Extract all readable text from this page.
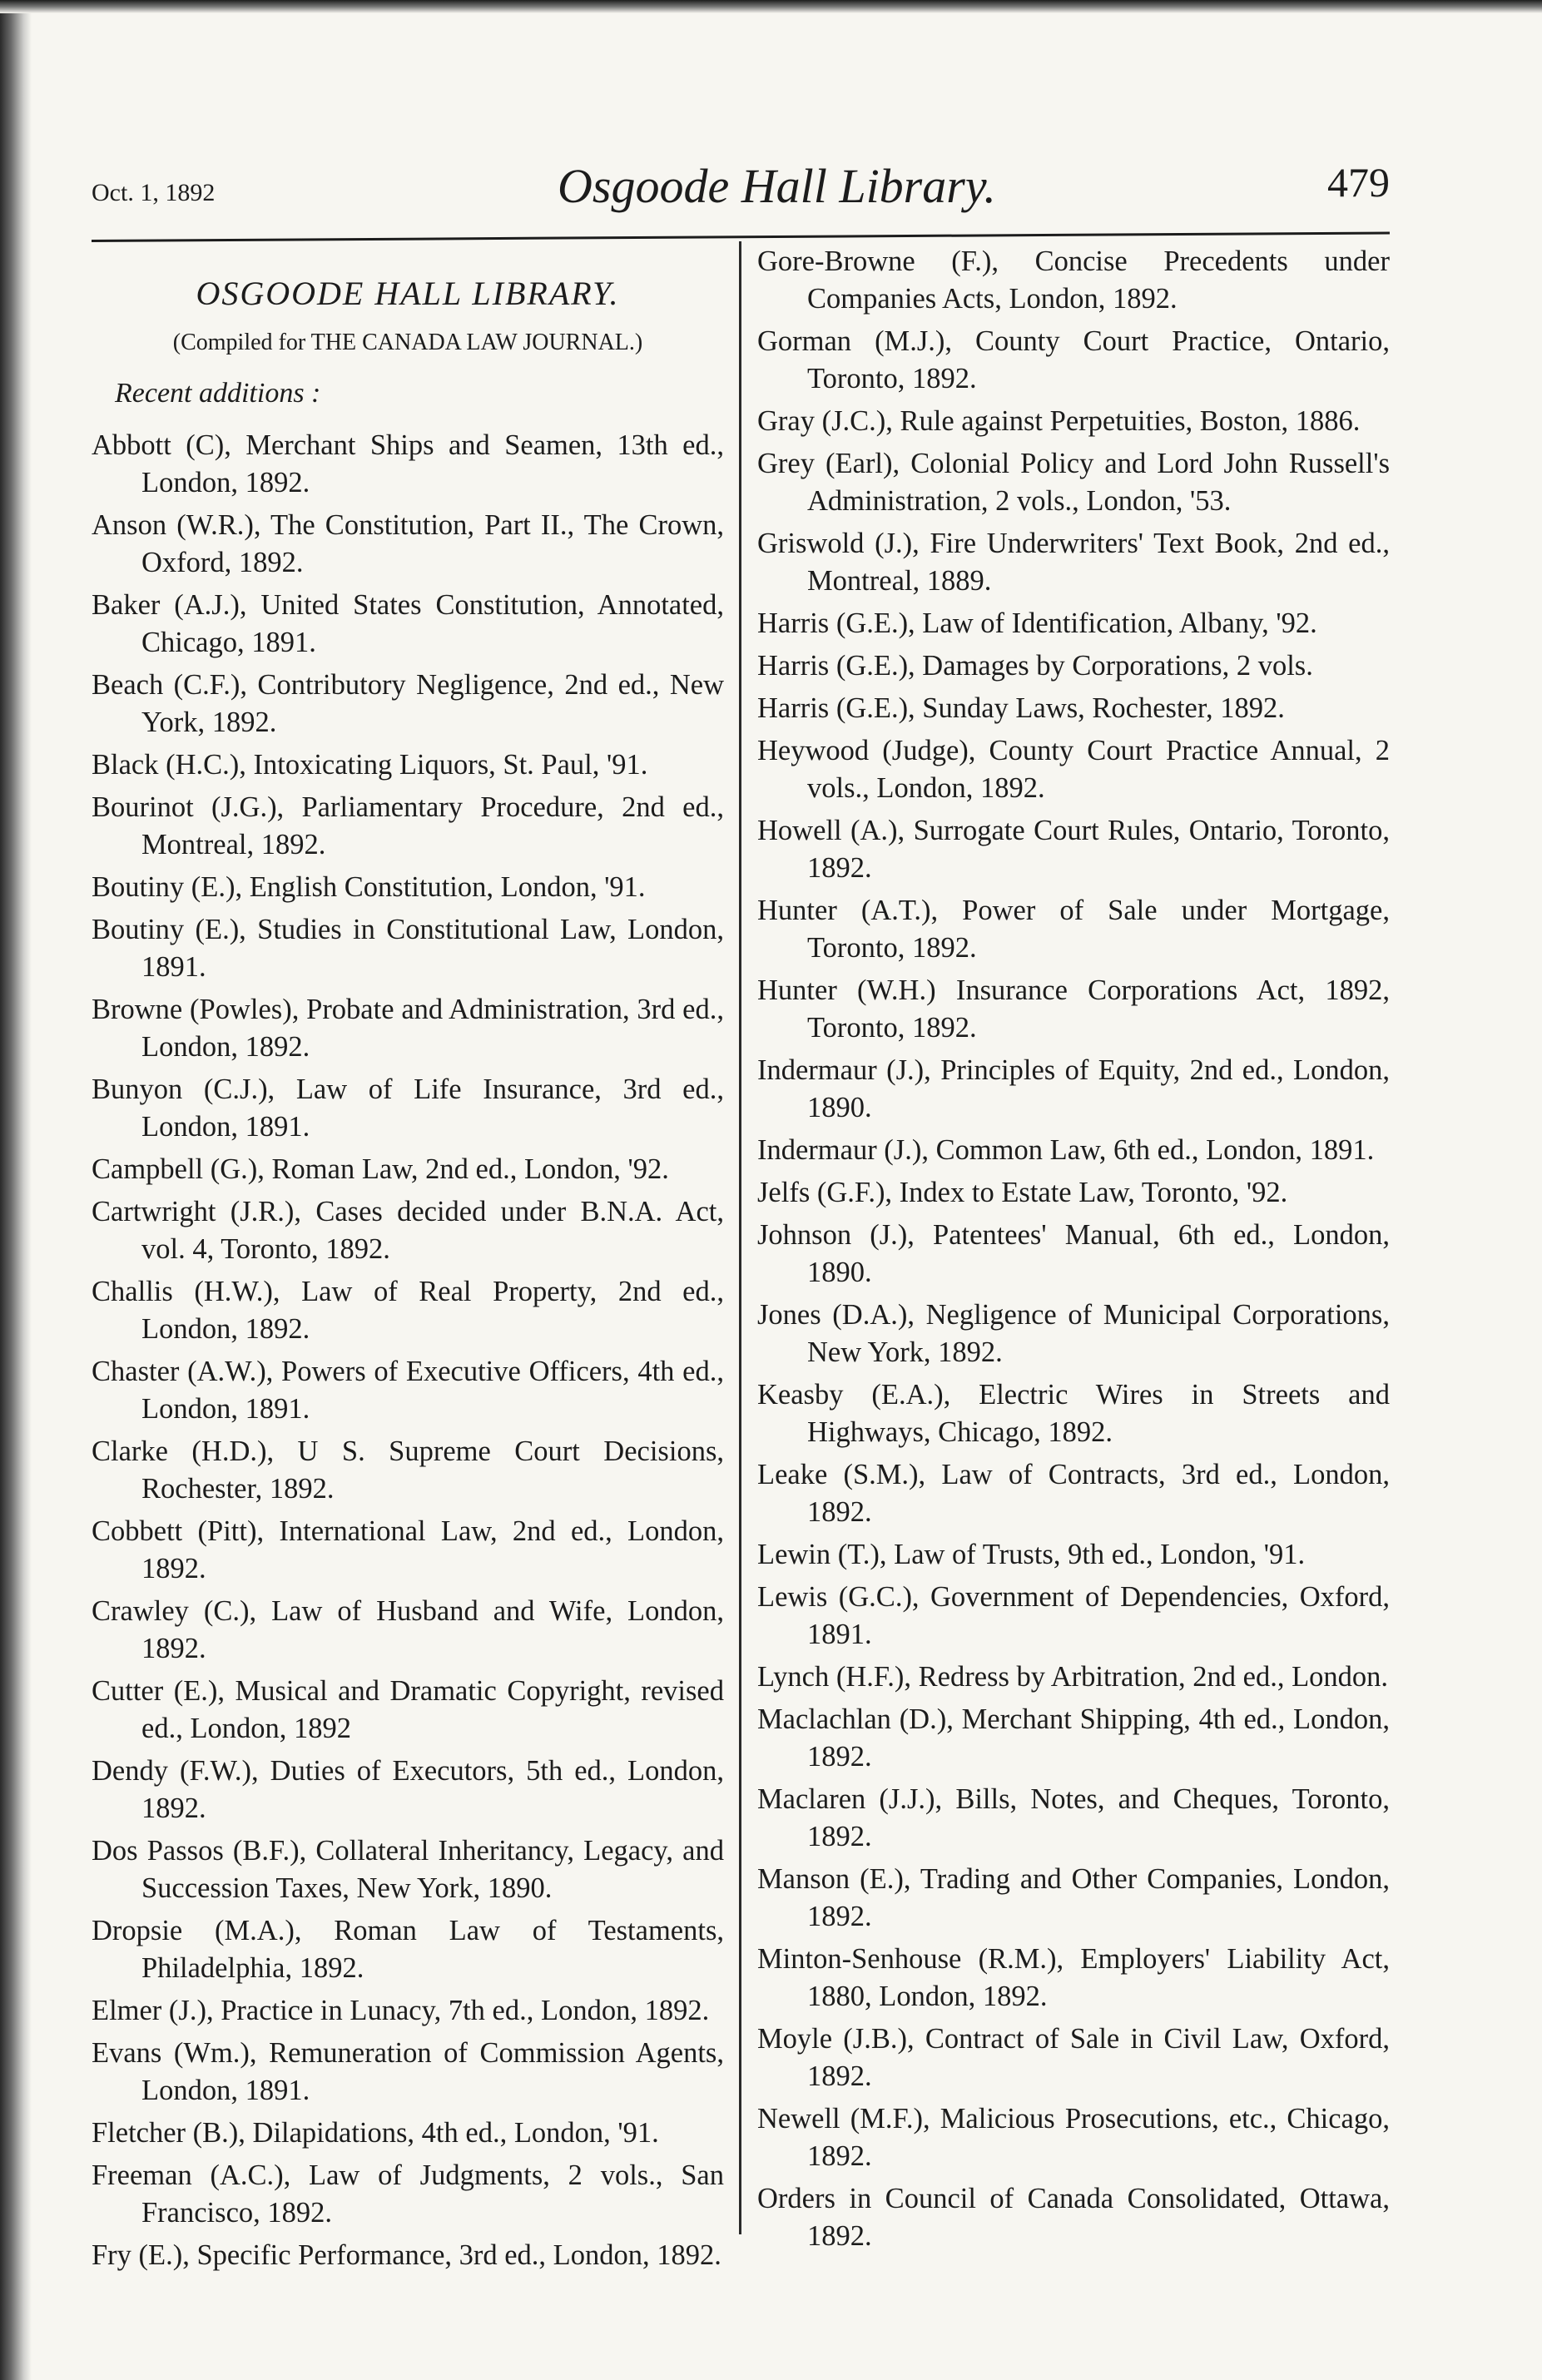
Oct. 1, 1892	Osgoode Hall Library.	479
OSGOODE HALL LIBRARY.
(Compiled for THE CANADA LAW JOURNAL.)
Recent additions :
Abbott (C), Merchant Ships and Seamen, 13th ed., London, 1892.
Anson (W.R.), The Constitution, Part II., The Crown, Oxford, 1892.
Baker (A.J.), United States Constitution, Annotated, Chicago, 1891.
Beach (C.F.), Contributory Negligence, 2nd ed., New York, 1892.
Black (H.C.), Intoxicating Liquors, St. Paul, '91.
Bourinot (J.G.), Parliamentary Procedure, 2nd ed., Montreal, 1892.
Boutiny (E.), English Constitution, London, '91.
Boutiny (E.), Studies in Constitutional Law, London, 1891.
Browne (Powles), Probate and Administration, 3rd ed., London, 1892.
Bunyon (C.J.), Law of Life Insurance, 3rd ed., London, 1891.
Campbell (G.), Roman Law, 2nd ed., London, '92.
Cartwright (J.R.), Cases decided under B.N.A. Act, vol. 4, Toronto, 1892.
Challis (H.W.), Law of Real Property, 2nd ed., London, 1892.
Chaster (A.W.), Powers of Executive Officers, 4th ed., London, 1891.
Clarke (H.D.), U S. Supreme Court Decisions, Rochester, 1892.
Cobbett (Pitt), International Law, 2nd ed., London, 1892.
Crawley (C.), Law of Husband and Wife, London, 1892.
Cutter (E.), Musical and Dramatic Copyright, revised ed., London, 1892
Dendy (F.W.), Duties of Executors, 5th ed., London, 1892.
Dos Passos (B.F.), Collateral Inheritancy, Legacy, and Succession Taxes, New York, 1890.
Dropsie (M.A.), Roman Law of Testaments, Philadelphia, 1892.
Elmer (J.), Practice in Lunacy, 7th ed., London, 1892.
Evans (Wm.), Remuneration of Commission Agents, London, 1891.
Fletcher (B.), Dilapidations, 4th ed., London, '91.
Freeman (A.C.), Law of Judgments, 2 vols., San Francisco, 1892.
Fry (E.), Specific Performance, 3rd ed., London, 1892.
Gore-Browne (F.), Concise Precedents under Companies Acts, London, 1892.
Gorman (M.J.), County Court Practice, Ontario, Toronto, 1892.
Gray (J.C.), Rule against Perpetuities, Boston, 1886.
Grey (Earl), Colonial Policy and Lord John Russell's Administration, 2 vols., London, '53.
Griswold (J.), Fire Underwriters' Text Book, 2nd ed., Montreal, 1889.
Harris (G.E.), Law of Identification, Albany, '92.
Harris (G.E.), Damages by Corporations, 2 vols.
Harris (G.E.), Sunday Laws, Rochester, 1892.
Heywood (Judge), County Court Practice Annual, 2 vols., London, 1892.
Howell (A.), Surrogate Court Rules, Ontario, Toronto, 1892.
Hunter (A.T.), Power of Sale under Mortgage, Toronto, 1892.
Hunter (W.H.) Insurance Corporations Act, 1892, Toronto, 1892.
Indermaur (J.), Principles of Equity, 2nd ed., London, 1890.
Indermaur (J.), Common Law, 6th ed., London, 1891.
Jelfs (G.F.), Index to Estate Law, Toronto, '92.
Johnson (J.), Patentees' Manual, 6th ed., London, 1890.
Jones (D.A.), Negligence of Municipal Corporations, New York, 1892.
Keasby (E.A.), Electric Wires in Streets and Highways, Chicago, 1892.
Leake (S.M.), Law of Contracts, 3rd ed., London, 1892.
Lewin (T.), Law of Trusts, 9th ed., London, '91.
Lewis (G.C.), Government of Dependencies, Oxford, 1891.
Lynch (H.F.), Redress by Arbitration, 2nd ed., London.
Maclachlan (D.), Merchant Shipping, 4th ed., London, 1892.
Maclaren (J.J.), Bills, Notes, and Cheques, Toronto, 1892.
Manson (E.), Trading and Other Companies, London, 1892.
Minton-Senhouse (R.M.), Employers' Liability Act, 1880, London, 1892.
Moyle (J.B.), Contract of Sale in Civil Law, Oxford, 1892.
Newell (M.F.), Malicious Prosecutions, etc., Chicago, 1892.
Orders in Council of Canada Consolidated, Ottawa, 1892.
